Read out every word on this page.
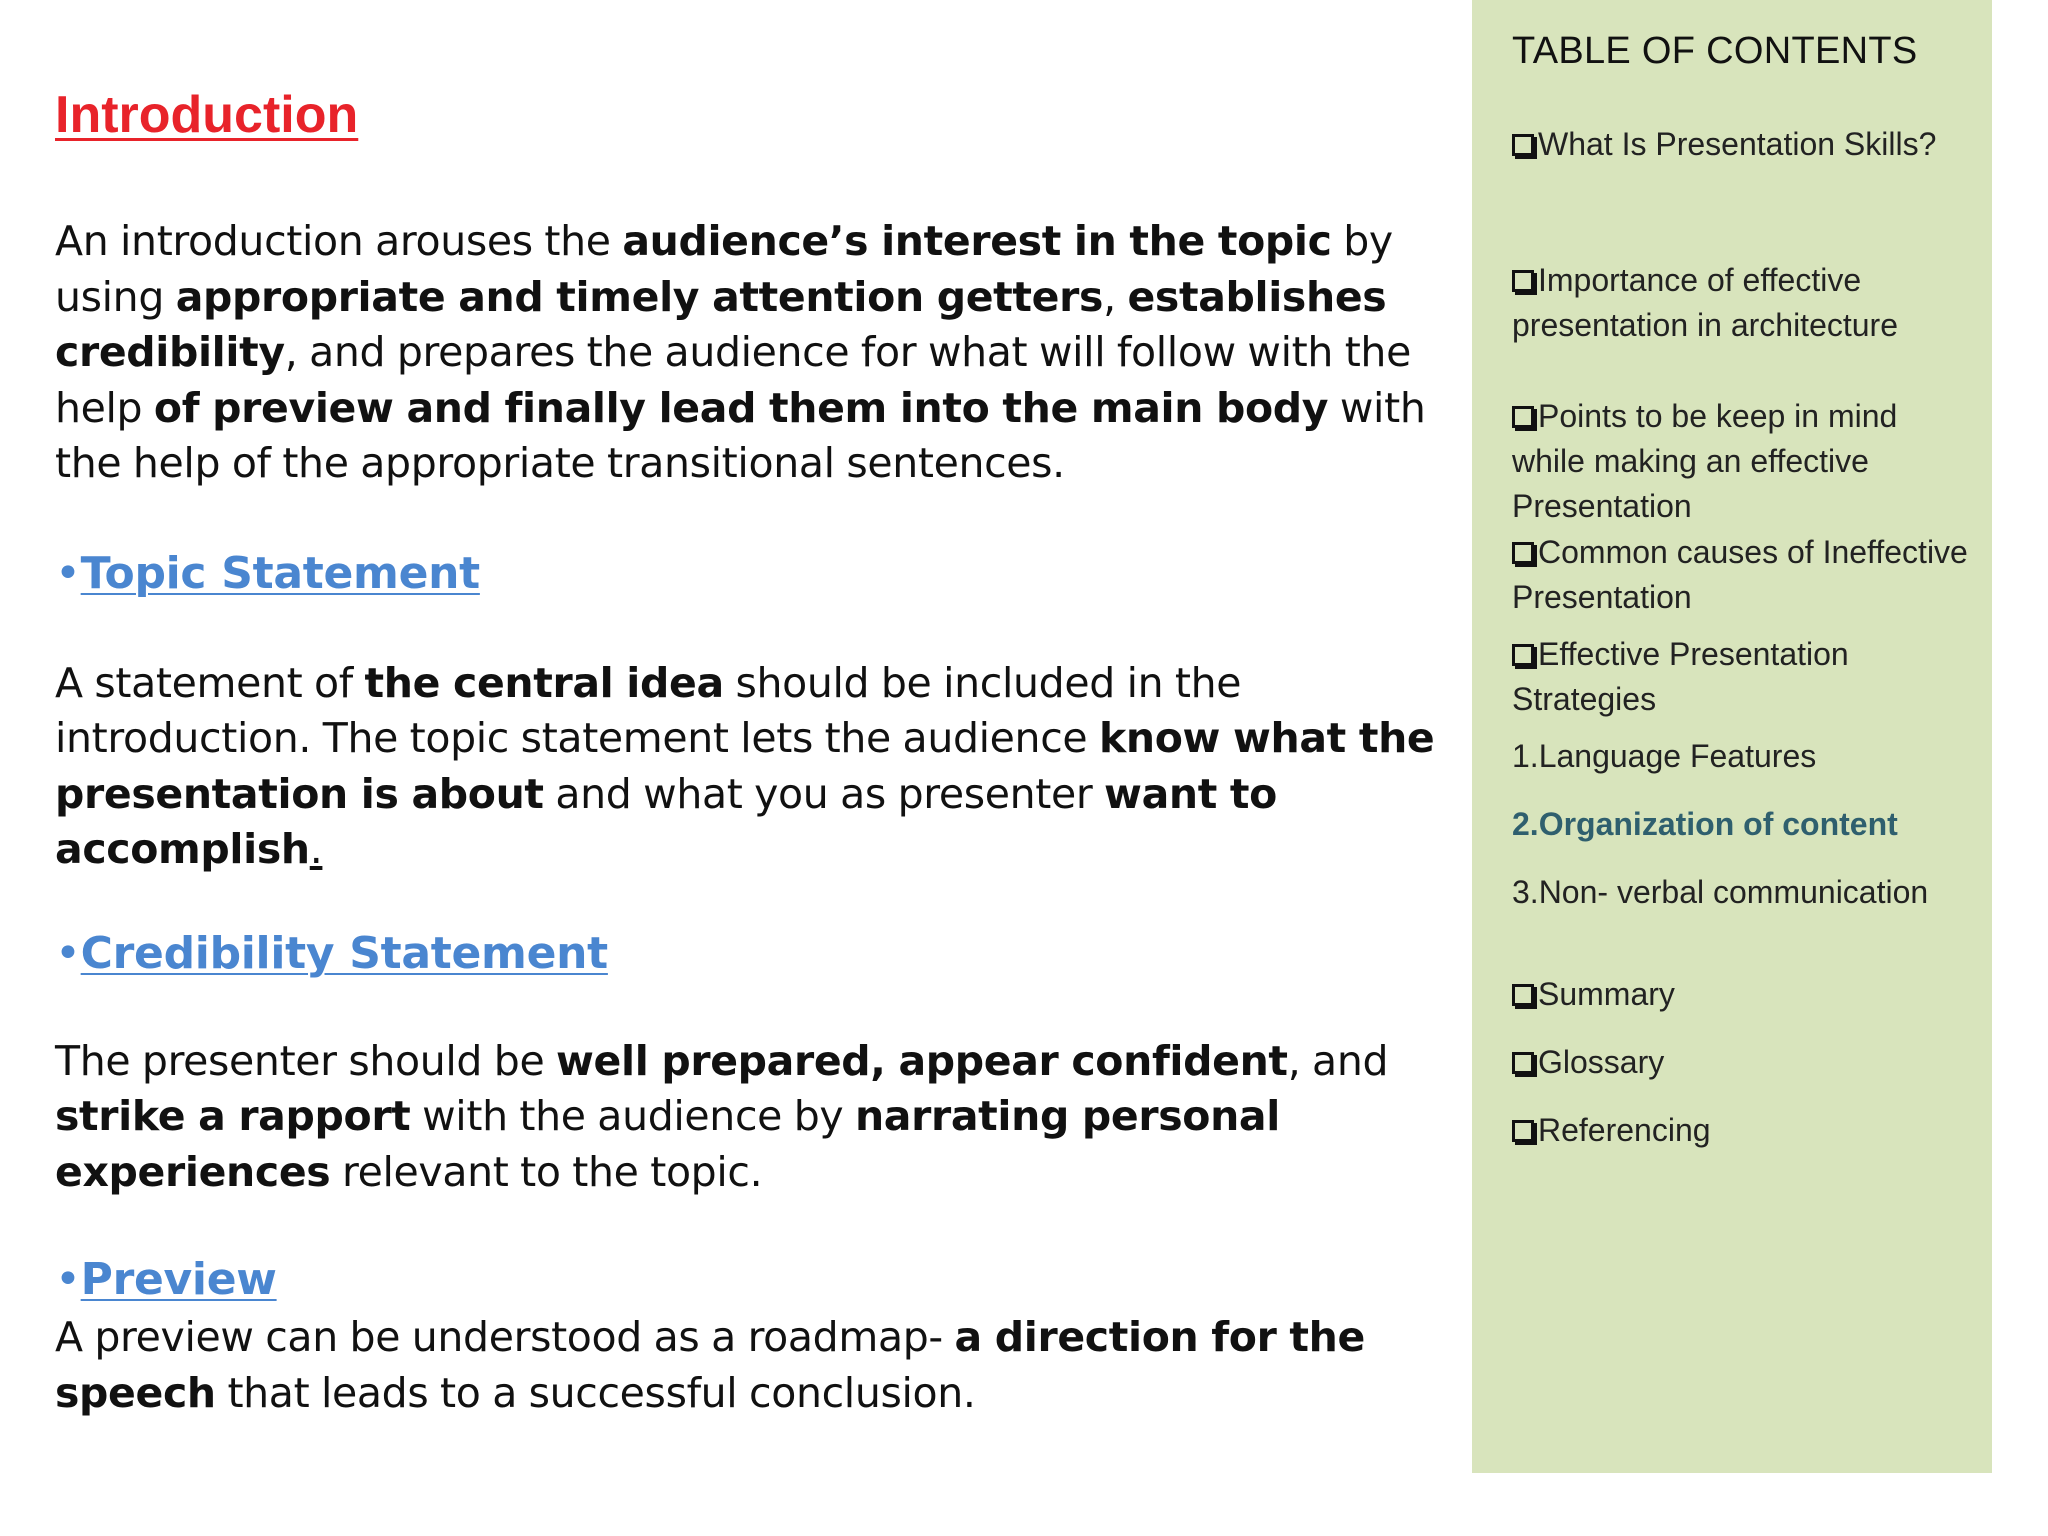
Introduction

An introduction arouses the audience’s interest in the topic by using appropriate and timely attention getters, establishes credibility, and prepares the audience for what will follow with the help of preview and finally lead them into the main body with the help of the appropriate transitional sentences.

•Topic Statement

A statement of the central idea should be included in the introduction. The topic statement lets the audience know what the presentation is about and what you as presenter want to accomplish.

•Credibility Statement

The presenter should be well prepared, appear confident, and strike a rapport with the audience by narrating personal experiences relevant to the topic.

•Preview

A preview can be understood as a roadmap- a direction for the speech that leads to a successful conclusion.

TABLE OF CONTENTS

What Is Presentation Skills?

Importance of effective presentation in architecture

Points to be keep in mind while making an effective Presentation

Common causes of Ineffective Presentation

Effective Presentation Strategies

1.Language Features

2.Organization of content

3.Non- verbal communication

Summary

Glossary

Referencing
